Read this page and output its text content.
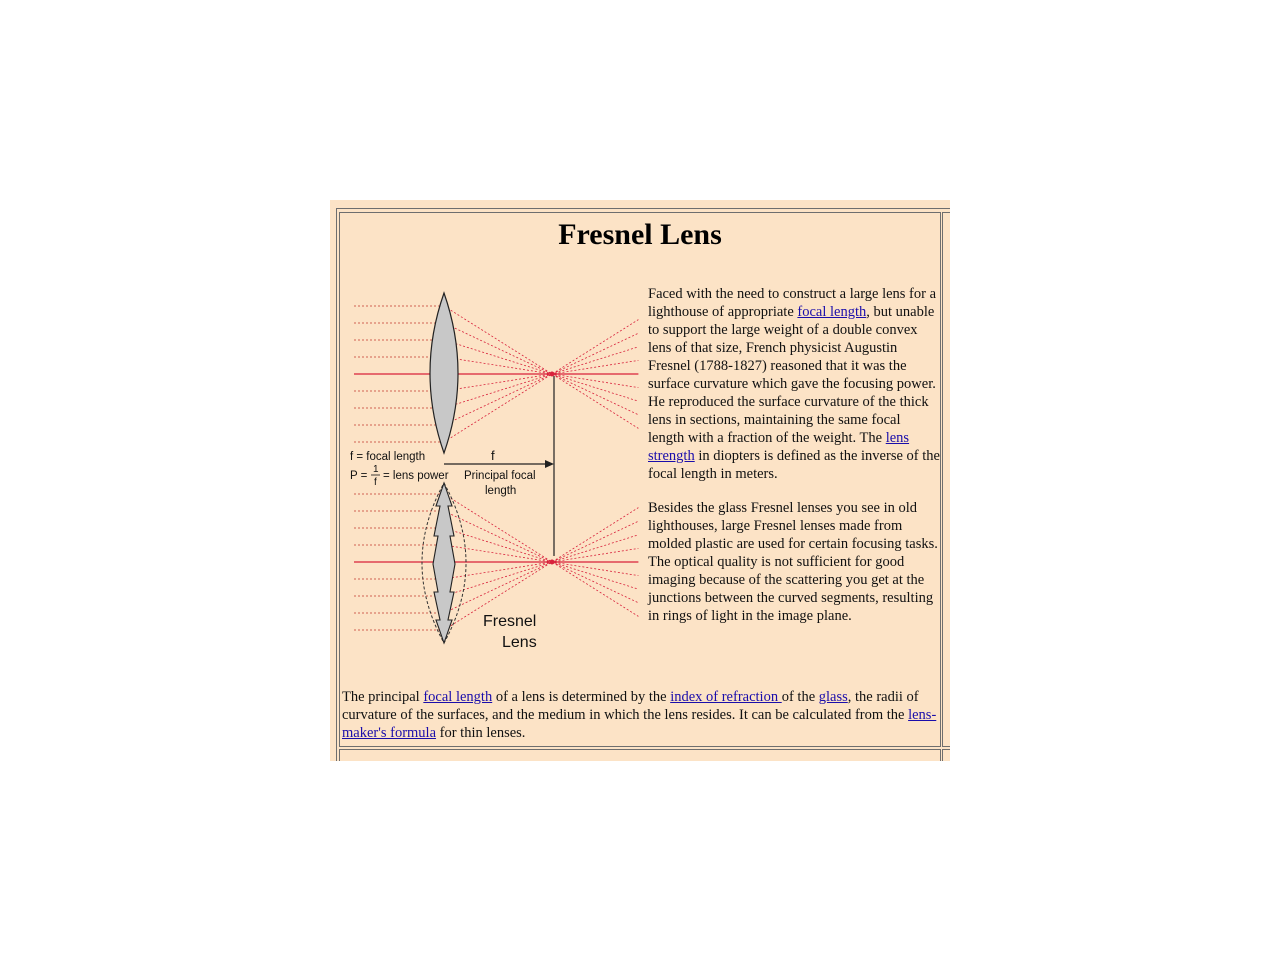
Fresnel Lens
f = focal length
P =
1
f
= lens power
f
Principal focal
length
Fresnel
Lens

Faced with the need to construct a large lens for a lighthouse of appropriate focal length, but unable to support the large weight of a double convex lens of that size, French physicist Augustin Fresnel (1788-1827) reasoned that it was the surface curvature which gave the focusing power. He reproduced the surface curvature of the thick lens in sections, maintaining the same focal length with a fraction of the weight. The lens strength in diopters is defined as the inverse of the focal length in meters.

Besides the glass Fresnel lenses you see in old lighthouses, large Fresnel lenses made from molded plastic are used for certain focusing tasks. The optical quality is not sufficient for good imaging because of the scattering you get at the junctions between the curved segments, resulting in rings of light in the image plane.

The principal focal length of a lens is determined by the index of refraction of the glass, the radii of curvature of the surfaces, and the medium in which the lens resides. It can be calculated from the lens-maker's formula for thin lenses.
